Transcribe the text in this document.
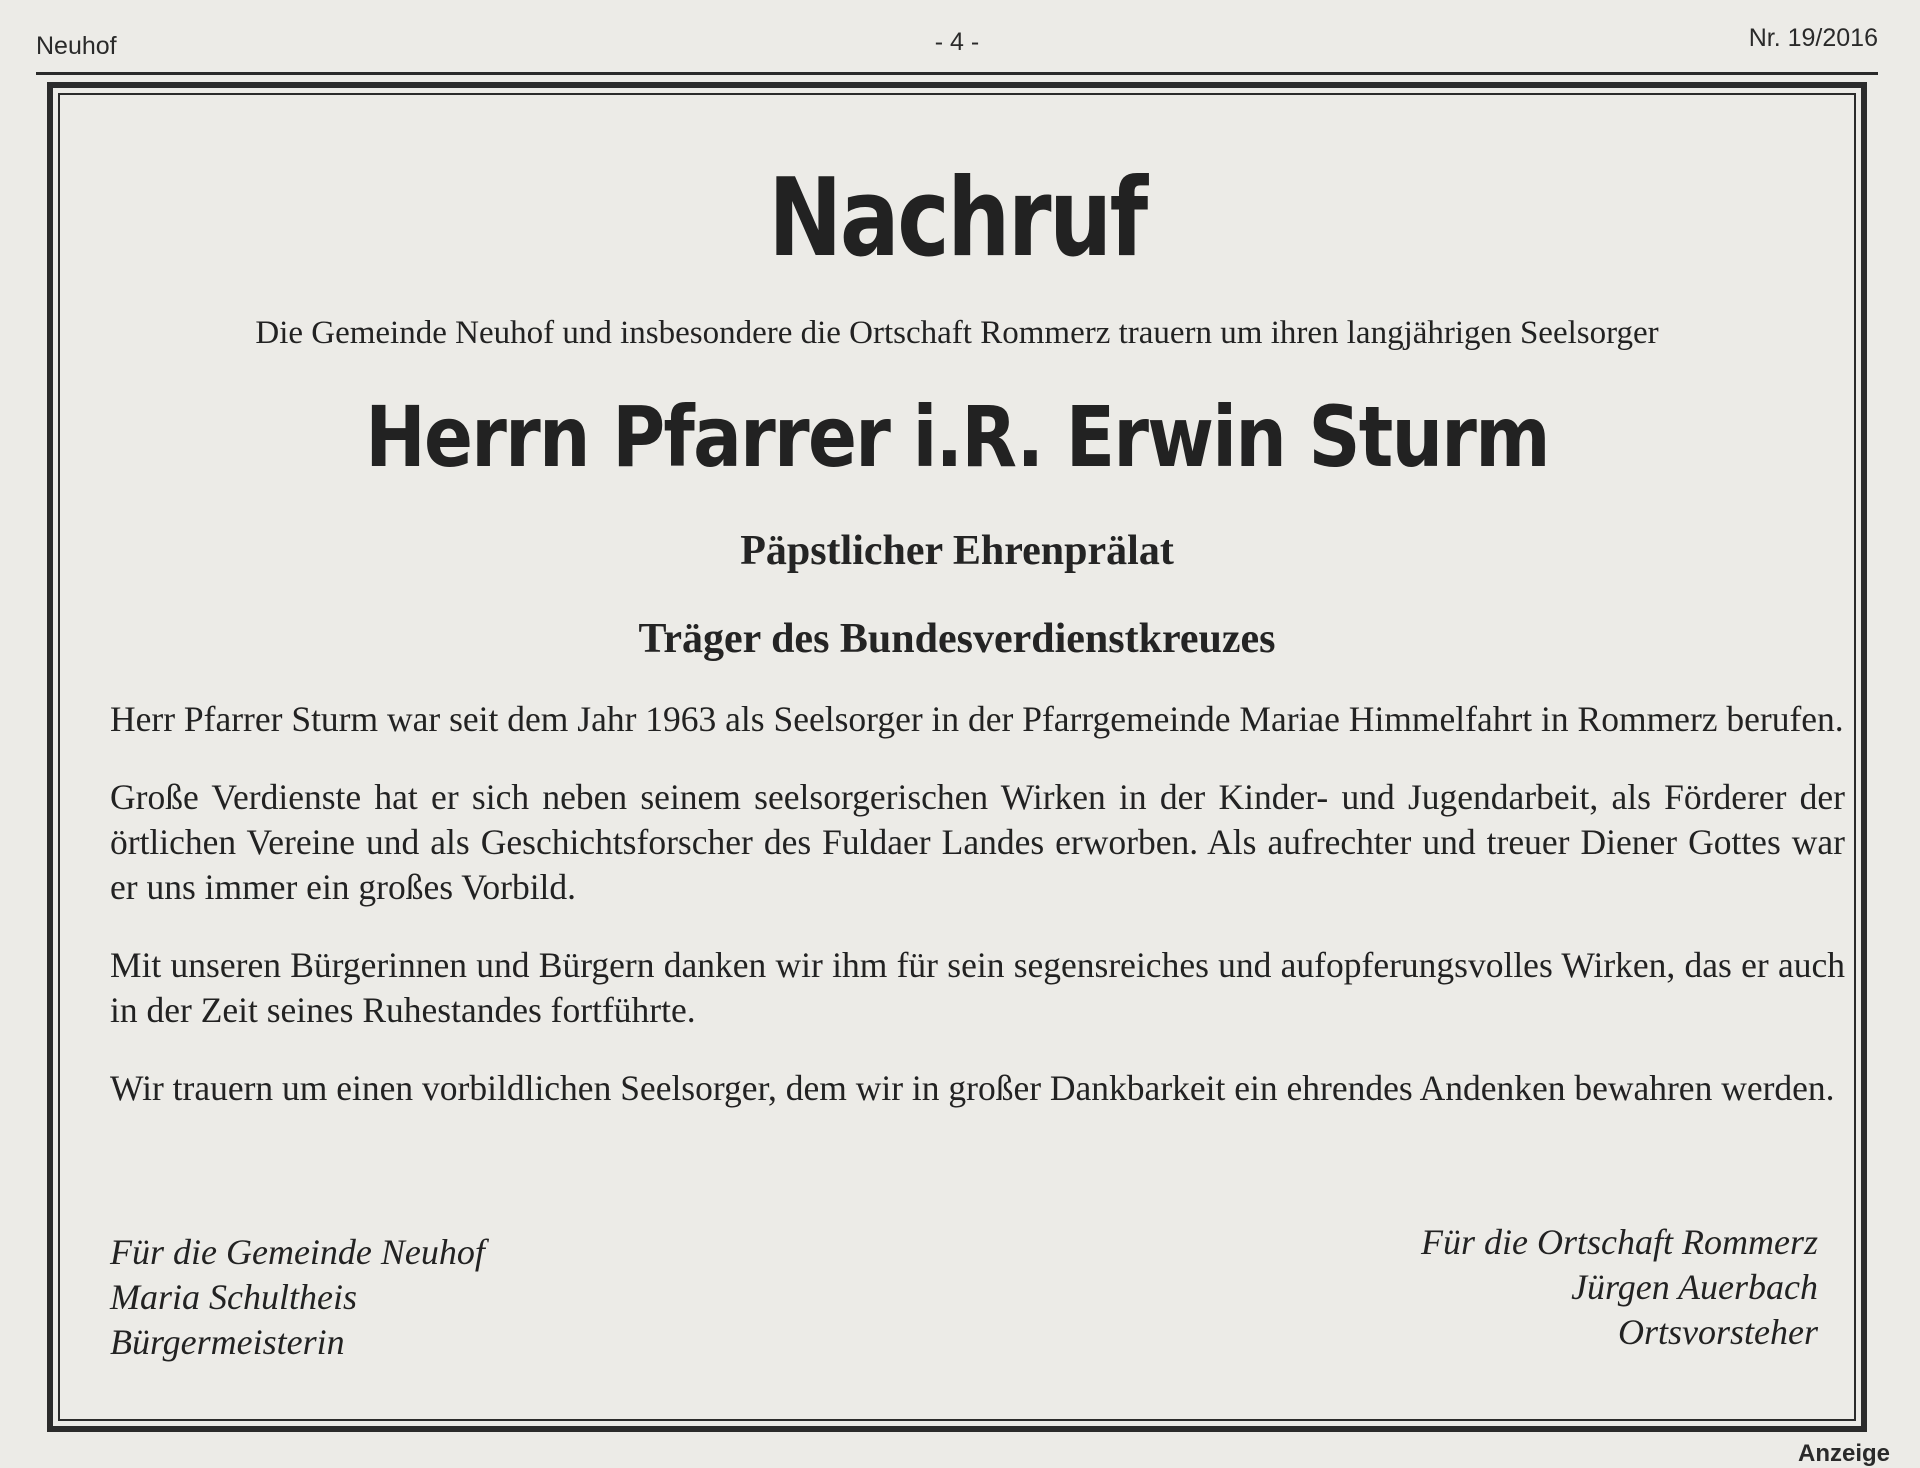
Neuhof	- 4 -	Nr. 19/2016
Nachruf
Die Gemeinde Neuhof und insbesondere die Ortschaft Rommerz trauern um ihren langjährigen Seelsorger
Herrn Pfarrer i.R. Erwin Sturm
Päpstlicher Ehrenprälat
Träger des Bundesverdienstkreuzes

Herr Pfarrer Sturm war seit dem Jahr 1963 als Seelsorger in der Pfarrgemeinde Mariae Himmelfahrt in Rommerz berufen.

Große Verdienste hat er sich neben seinem seelsorgerischen Wirken in der Kinder- und Jugendarbeit, als Förderer der örtlichen Vereine und als Geschichtsforscher des Fuldaer Landes erworben. Als aufrechter und treuer Diener Gottes war er uns immer ein großes Vorbild.

Mit unseren Bürgerinnen und Bürgern danken wir ihm für sein segensreiches und aufopferungsvolles Wirken, das er auch in der Zeit seines Ruhestandes fortführte.

Wir trauern um einen vorbildlichen Seelsorger, dem wir in großer Dankbarkeit ein ehrendes Andenken bewahren werden.

Für die Gemeinde Neuhof
Maria Schultheis
Bürgermeisterin
Für die Ortschaft Rommerz
Jürgen Auerbach
Ortsvorsteher
Anzeige
